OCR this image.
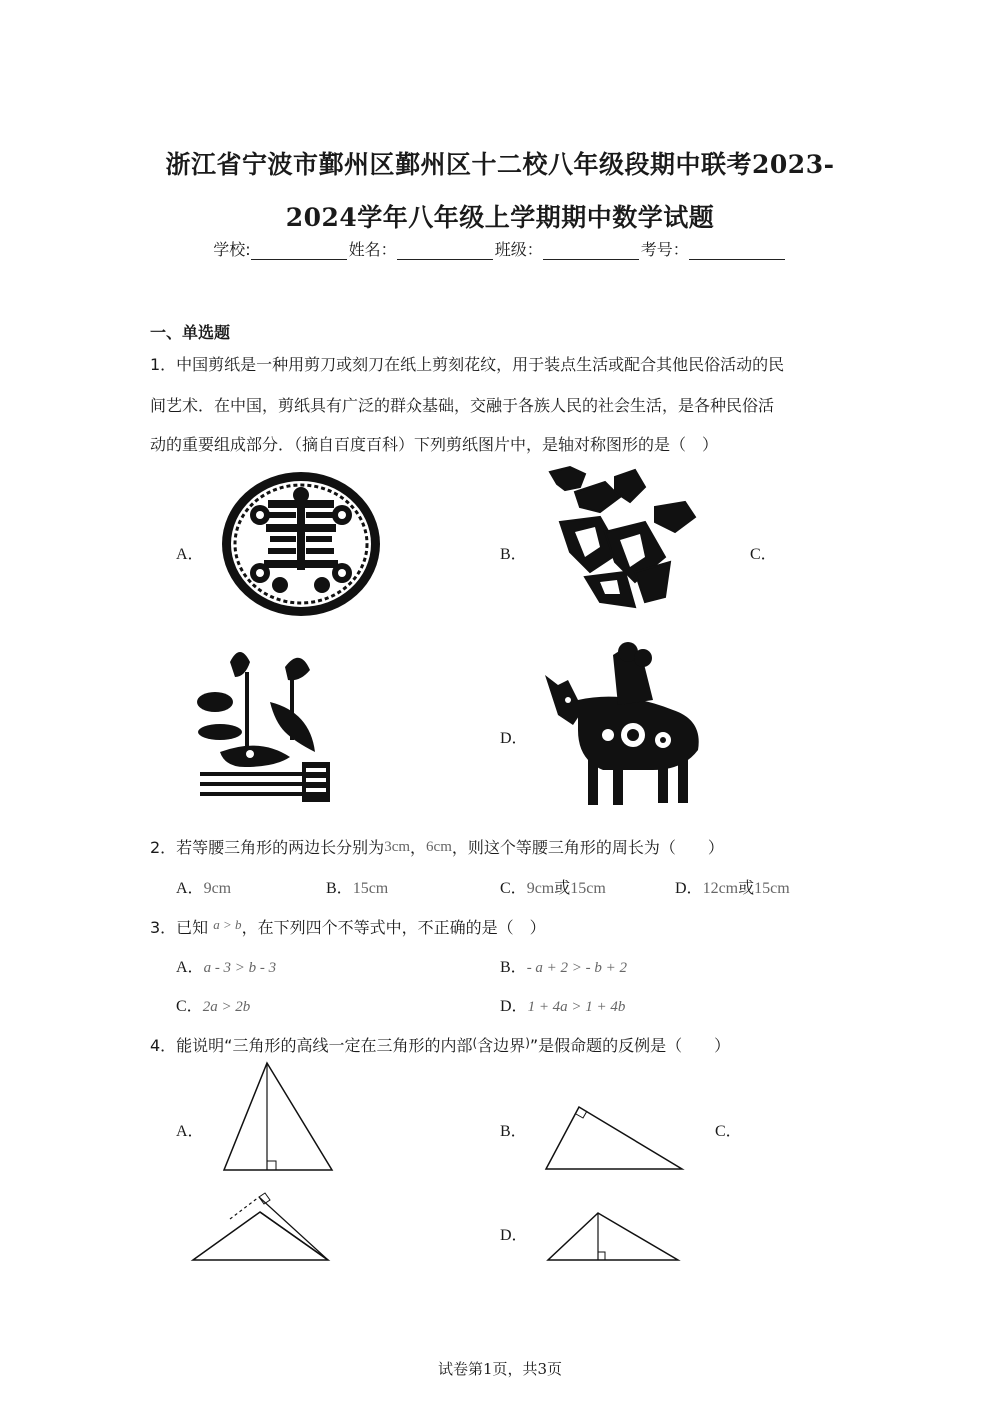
浙江省宁波市鄞州区鄞州区十二校八年级段期中联考2023-
2024学年八年级上学期期中数学试题
学校:	姓名：	班级：	考号：
一、单选题
1．中国剪纸是一种用剪刀或刻刀在纸上剪刻花纹，用于装点生活或配合其他民俗活动的民
间艺术．在中国，剪纸具有广泛的群众基础，交融于各族人民的社会生活，是各种民俗活
动的重要组成部分．（摘自百度百科）下列剪纸图片中，是轴对称图形的是（　）
A．	B．	C．
D．
2．若等腰三角形的两边长分别为3cm，6cm，则这个等腰三角形的周长为（　　）
A．9cm	B．15cm	C．9cm或15cm	D．12cm或15cm
3．已知 $^{a > b}$，在下列四个不等式中，不正确的是（　）
A．a - 3 > b - 3	B．- a + 2 > - b + 2
C．2a > 2b	D．1 + 4a > 1 + 4b
4．能说明“三角形的高线一定在三角形的内部(含边界)”是假命题的反例是（　　）
A．	B．	C．
D．
试卷第1页，共3页
